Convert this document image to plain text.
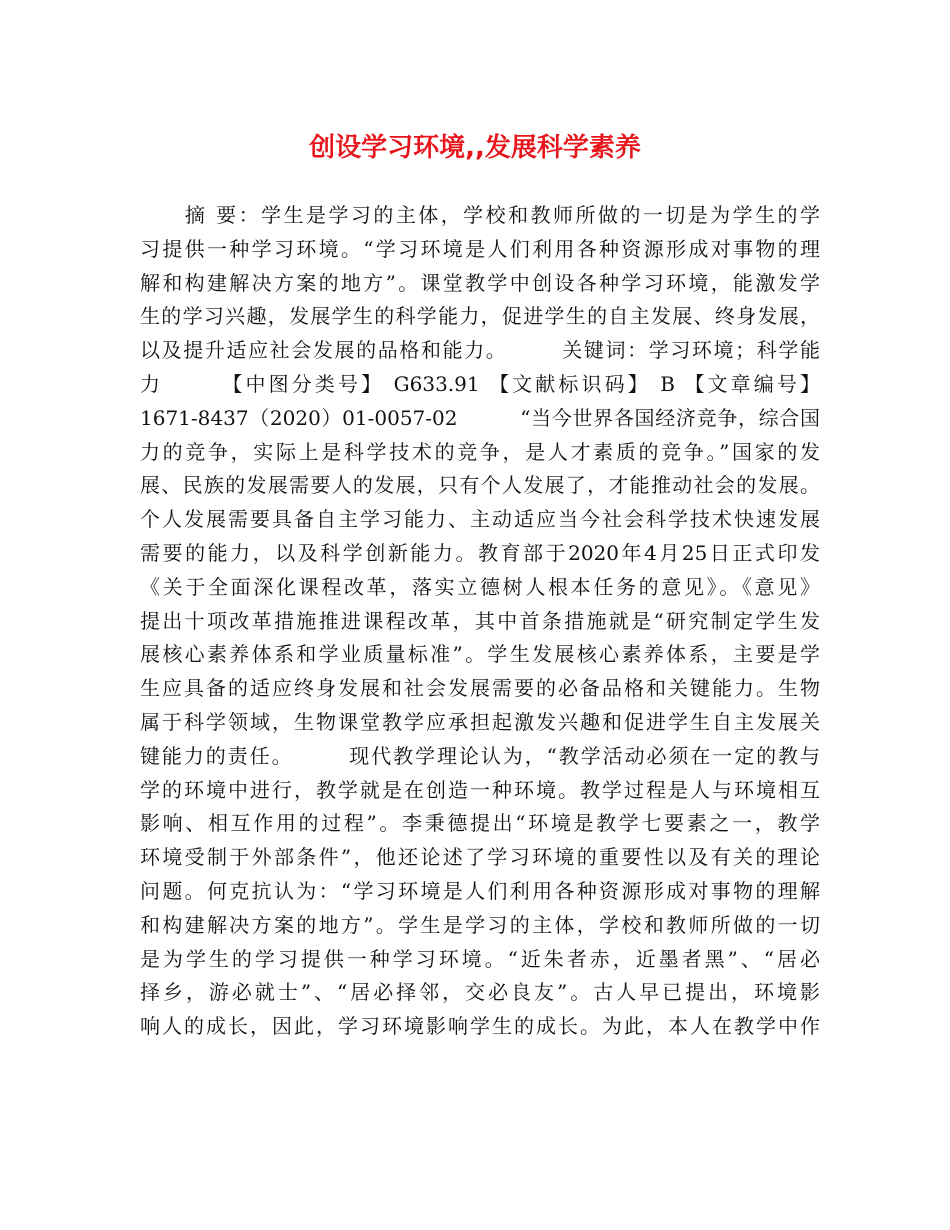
创设学习环境,,发展科学素养
　　摘 要：学生是学习的主体，学校和教师所做的一切是为学生的学
习提供一种学习环境。“学习环境是人们利用各种资源形成对事物的理
解和构建解决方案的地方”。课堂教学中创设各种学习环境，能激发学
生的学习兴趣，发展学生的科学能力，促进学生的自主发展、终身发展，
以及提升适应社会发展的品格和能力。　　　关键词：学习环境；科学能
力　　　【中图分类号】 G633.91 【文献标识码】 B 【文章编号】
1671-8437（2020）01-0057-02　　　“当今世界各国经济竞争，综合国
力的竞争，实际上是科学技术的竞争，是人才素质的竞争。”国家的发
展、民族的发展需要人的发展，只有个人发展了，才能推动社会的发展。
个人发展需要具备自主学习能力、主动适应当今社会科学技术快速发展
需要的能力，以及科学创新能力。教育部于2020年4月25日正式印发
《关于全面深化课程改革，落实立德树人根本任务的意见》。《意见》
提出十项改革措施推进课程改革，其中首条措施就是“研究制定学生发
展核心素养体系和学业质量标准”。学生发展核心素养体系，主要是学
生应具备的适应终身发展和社会发展需要的必备品格和关键能力。生物
属于科学领域，生物课堂教学应承担起激发兴趣和促进学生自主发展关
键能力的责任。　　　现代教学理论认为，“教学活动必须在一定的教与
学的环境中进行，教学就是在创造一种环境。教学过程是人与环境相互
影响、相互作用的过程”。李秉德提出“环境是教学七要素之一，教学
环境受制于外部条件”，他还论述了学习环境的重要性以及有关的理论
问题。何克抗认为：“学习环境是人们利用各种资源形成对事物的理解
和构建解决方案的地方”。学生是学习的主体，学校和教师所做的一切
是为学生的学习提供一种学习环境。“近朱者赤，近墨者黑”、“居必
择乡，游必就士”、“居必择邻，交必良友”。古人早已提出，环境影
响人的成长，因此，学习环境影响学生的成长。为此，本人在教学中作
